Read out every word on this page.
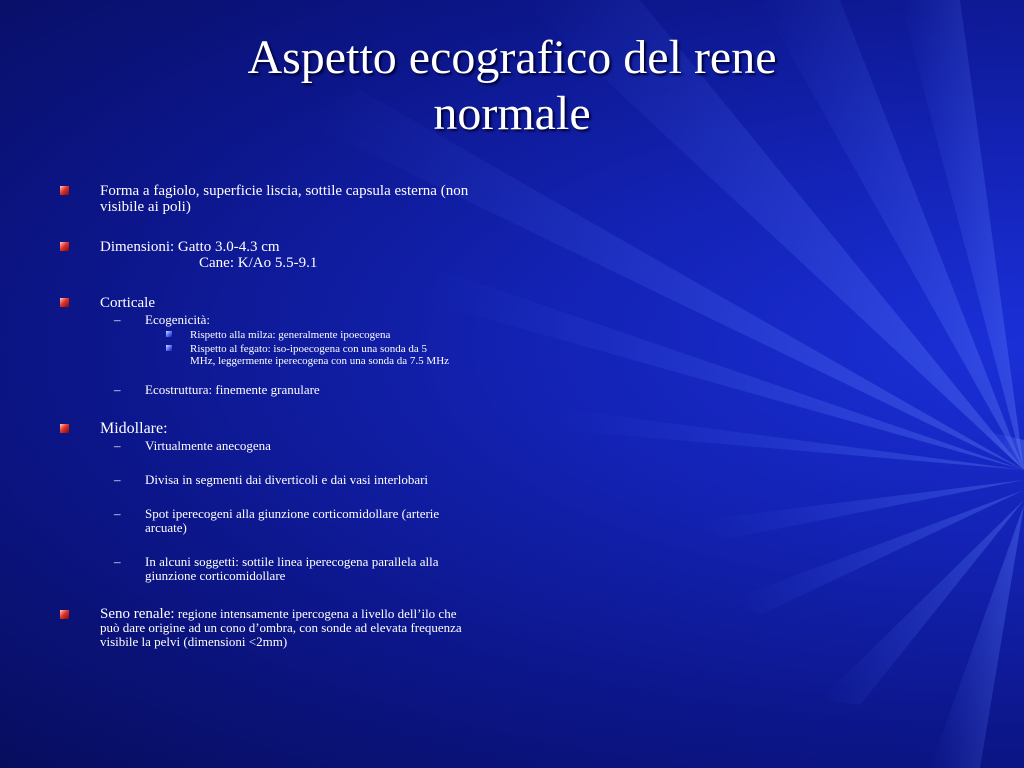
Aspetto ecografico del rene
normale
Forma a fagiolo, superficie liscia, sottile capsula esterna (non visibile ai poli)
Dimensioni: Gatto 3.0-4.3 cm
Cane: K/Ao 5.5-9.1
Corticale
– Ecogenicità:
Rispetto alla milza: generalmente ipoecogena
Rispetto al fegato: iso-ipoecogena con una sonda da 5 MHz, leggermente iperecogena con una sonda da 7.5 MHz
– Ecostruttura: finemente granulare
Midollare:
– Virtualmente anecogena
– Divisa in segmenti dai diverticoli e dai vasi interlobari
– Spot iperecogeni alla giunzione corticomidollare (arterie arcuate)
– In alcuni soggetti: sottile linea iperecogena parallela alla giunzione corticomidollare
Seno renale: regione intensamente ipercogena a livello dell’ilo che può dare origine ad un cono d’ombra, con sonde ad elevata frequenza visibile la pelvi (dimensioni <2mm)
